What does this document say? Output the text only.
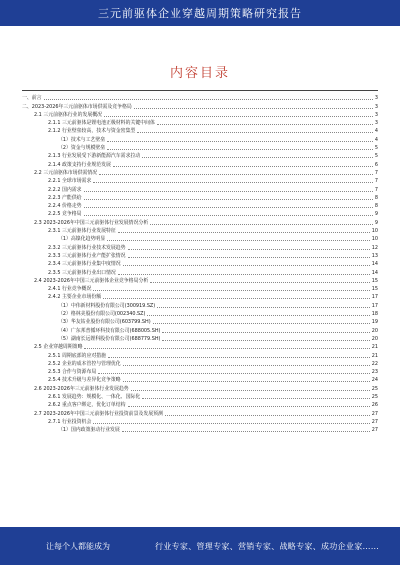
三元前驱体企业穿越周期策略研究报告
内容目录
一、前言	3
二、2023-2026年三元前驱体市场供需及竞争格局	3
2.1 三元前驱体行业的发展概况	3
2.1.1 三元前驱体是锂电池正极材料的关键中间体	3
2.1.2 行业壁垒较高，技术与资金密集型	4
（1）技术与工艺壁垒	4
（2）资金与规模壁垒	5
2.1.3 行业发展受下游新能源汽车需求拉动	5
2.1.4 政策支持行业规范发展	6
2.2 三元前驱体市场供需情况	7
2.2.1 全球市场需求	7
2.2.2 国内需求	7
2.2.3 产能供给	8
2.2.4 价格走势	8
2.2.5 竞争格局	9
2.3 2023-2026年中国三元前驱体行业发展情况分析	9
2.3.1 三元前驱体行业发展特征	10
（1）高镍化趋势明显	10
2.3.2 三元前驱体行业技术发展趋势	12
2.3.3 三元前驱体行业产能扩张情况	13
2.3.4 三元前驱体行业集中度情况	14
2.3.5 三元前驱体行业出口情况	14
2.4 2023-2026年中国三元前驱体企业竞争格局分析	15
2.4.1 行业竞争概况	15
2.4.2 主要企业市场份额	17
（1）中伟新材料股份有限公司(300919.SZ)	17
（2）格林美股份有限公司(002340.SZ)	18
（3）华友钴业股份有限公司(603799.SH)	19
（4）广东邦普循环科技有限公司(688005.SH)	20
（5）湖南长远锂科股份有限公司(688779.SH)	20
2.5 企业穿越周期策略	21
2.5.1 周期底部的应对措施	21
2.5.2 企业的成本管控与管理优化	22
2.5.3 合作与资源布局	23
2.5.4 技术升级与差异化竞争策略	24
2.6 2023-2026年三元前驱体行业发展趋势	25
2.6.1 发展趋势：规模化、一体化、国际化	25
2.6.2 重点客户绑定，优化订单结构	26
2.7 2023-2026年中国三元前驱体行业投资前景及发展预测	27
2.7.1 行业投资机会	27
（1）国内政策驱动行业发展	27
让每个人都能成为	行业专家、管理专家、营销专家、战略专家、成功企业家……
